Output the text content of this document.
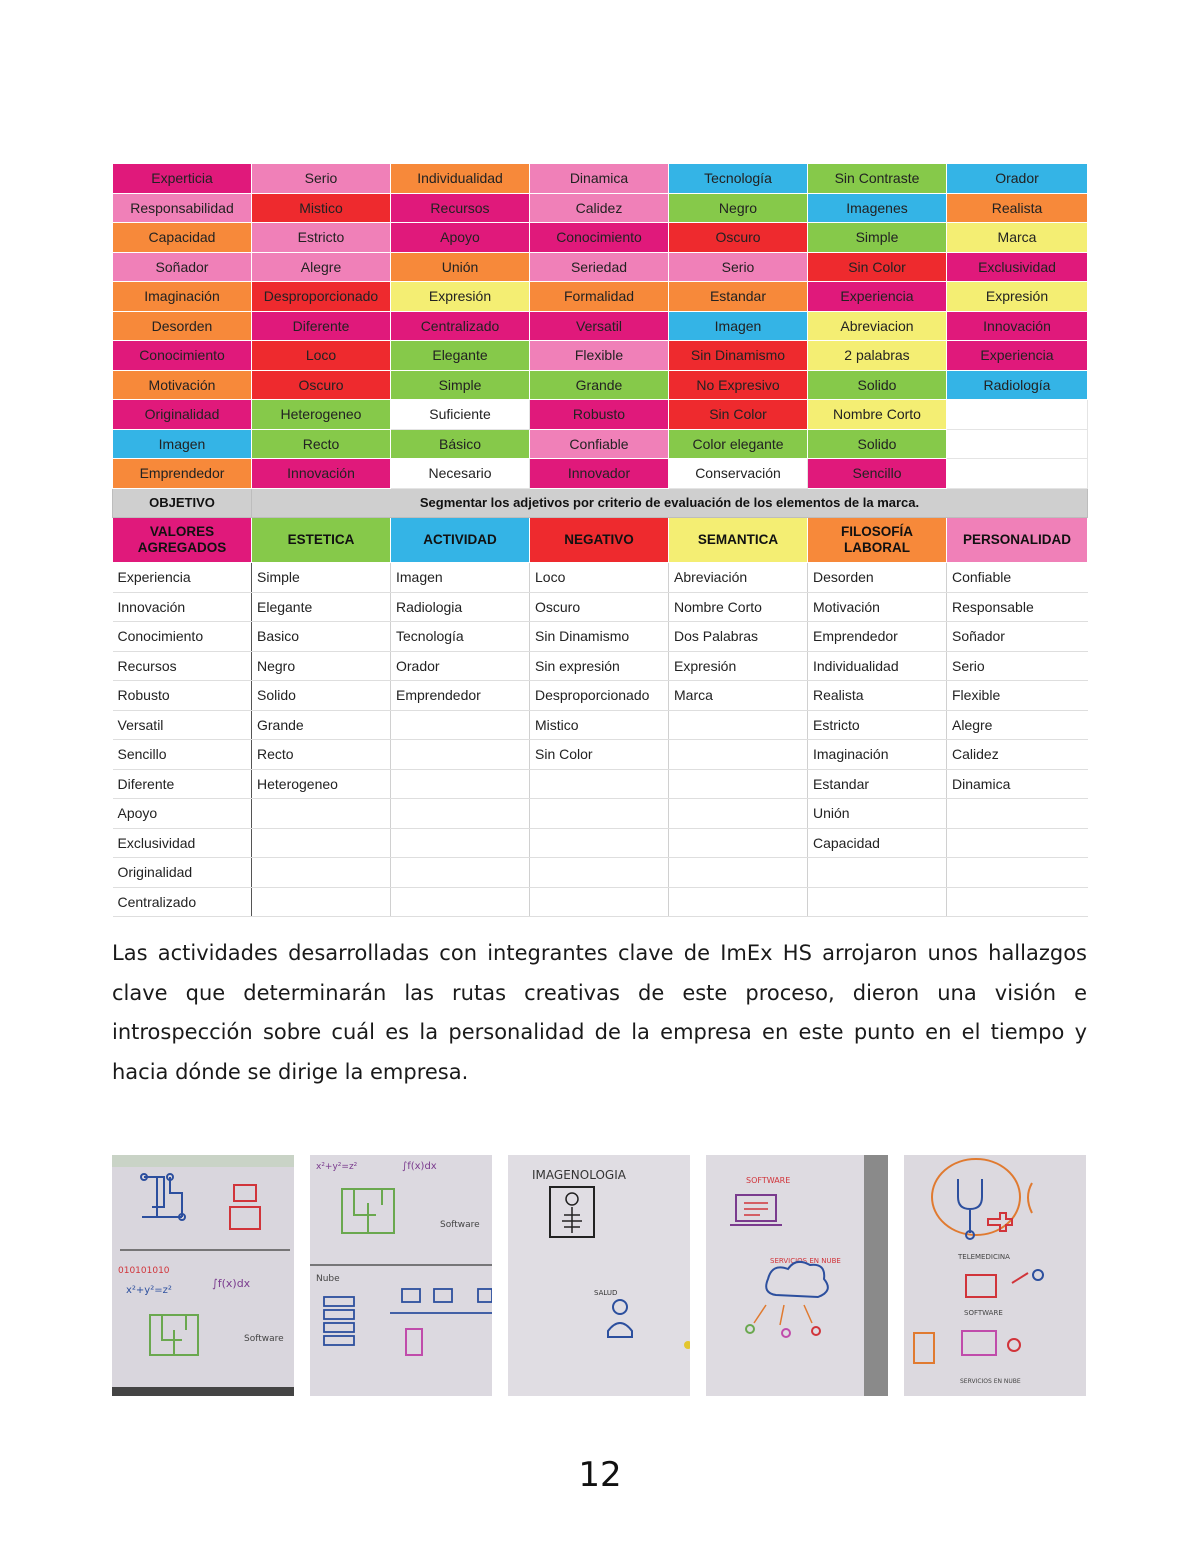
Experticia	Serio	Individualidad	Dinamica	Tecnología	Sin Contraste	Orador
Responsabilidad	Mistico	Recursos	Calidez	Negro	Imagenes	Realista
Capacidad	Estricto	Apoyo	Conocimiento	Oscuro	Simple	Marca
Soñador	Alegre	Unión	Seriedad	Serio	Sin Color	Exclusividad
Imaginación	Desproporcionado	Expresión	Formalidad	Estandar	Experiencia	Expresión
Desorden	Diferente	Centralizado	Versatil	Imagen	Abreviacion	Innovación
Conocimiento	Loco	Elegante	Flexible	Sin Dinamismo	2 palabras	Experiencia
Motivación	Oscuro	Simple	Grande	No Expresivo	Solido	Radiología
Originalidad	Heterogeneo	Suficiente	Robusto	Sin Color	Nombre Corto	
Imagen	Recto	Básico	Confiable	Color elegante	Solido	
Emprendedor	Innovación	Necesario	Innovador	Conservación	Sencillo	
OBJETIVO	Segmentar los adjetivos por criterio de evaluación de los elementos de la marca.					
VALORES AGREGADOS	ESTETICA	ACTIVIDAD	NEGATIVO	SEMANTICA	FILOSOFÍA LABORAL	PERSONALIDAD
Experiencia	Simple	Imagen	Loco	Abreviación	Desorden	Confiable
Innovación	Elegante	Radiologia	Oscuro	Nombre Corto	Motivación	Responsable
Conocimiento	Basico	Tecnología	Sin Dinamismo	Dos Palabras	Emprendedor	Soñador
Recursos	Negro	Orador	Sin expresión	Expresión	Individualidad	Serio
Robusto	Solido	Emprendedor	Desproporcionado	Marca	Realista	Flexible
Versatil	Grande		Mistico		Estricto	Alegre
Sencillo	Recto		Sin Color		Imaginación	Calidez
Diferente	Heterogeneo				Estandar	Dinamica
Apoyo					Unión	
Exclusividad					Capacidad	
Originalidad						
Centralizado						

Las actividades desarrolladas con integrantes clave de ImEx HS arrojaron unos hallazgos clave que determinarán las rutas creativas de este proceso, dieron una visión e introspección sobre cuál es la personalidad de la empresa en este punto en el tiempo y hacia dónde se dirige la empresa.

010101010
x²+y²=z²
∫f(x)dx
Software
x²+y²=z²	∫f(x)dx
Software
Nube
IMAGENOLOGIA
SALUD
SOFTWARE
SERVICIOS EN NUBE	TELEMEDICINA
SOFTWARE
SERVICIOS EN NUBE
12
